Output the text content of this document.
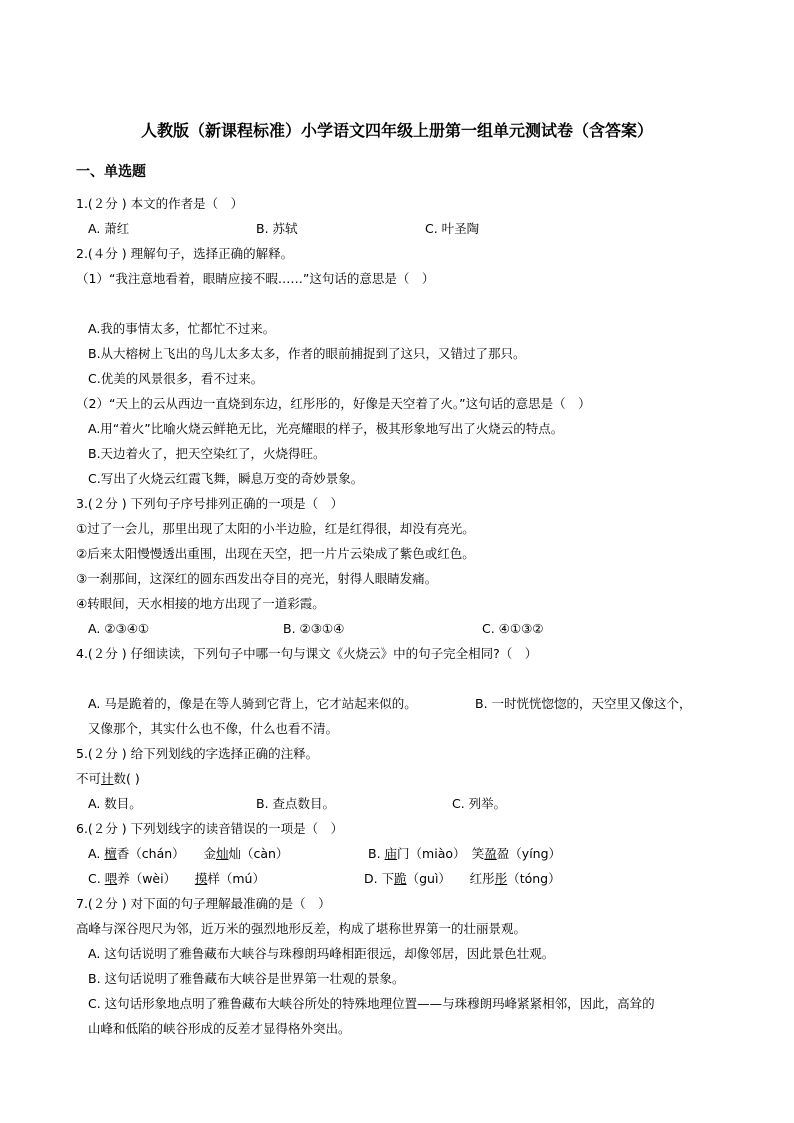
人教版（新课程标准）小学语文四年级上册第一组单元测试卷（含答案）
一、单选题
1.(２分 ) 本文的作者是（　）
A. 萧红	B. 苏轼	C. 叶圣陶
2.(４分 ) 理解句子，选择正确的解释。
（1）“我注意地看着，眼睛应接不暇……”这句话的意思是（　）
A.我的事情太多，忙都忙不过来。
B.从大榕树上飞出的鸟儿太多太多，作者的眼前捕捉到了这只，又错过了那只。
C.优美的风景很多，看不过来。
（2）“天上的云从西边一直烧到东边，红彤彤的，好像是天空着了火。”这句话的意思是（　）
A.用“着火”比喻火烧云鲜艳无比，光亮耀眼的样子，极其形象地写出了火烧云的特点。
B.天边着火了，把天空染红了，火烧得旺。
C.写出了火烧云红霞飞舞，瞬息万变的奇妙景象。
3.(２分 ) 下列句子序号排列正确的一项是（　）
①过了一会儿，那里出现了太阳的小半边脸，红是红得很，却没有亮光。
②后来太阳慢慢透出重围，出现在天空，把一片片云染成了紫色或红色。
③一刹那间，这深红的圆东西发出夺目的亮光，射得人眼睛发痛。
④转眼间，天水相接的地方出现了一道彩霞。
A. ②③④①	B. ②③①④	C. ④①③②
4.(２分 ) 仔细读读，下列句子中哪一句与课文《火烧云》中的句子完全相同?（　）
A. 马是跪着的，像是在等人骑到它背上，它才站起来似的。	B. 一时恍恍惚惚的，天空里又像这个，
又像那个，其实什么也不像，什么也看不清。
5.(２分 ) 给下列划线的字选择正确的注释。
不可计数( )
A. 数目。	B. 查点数目。	C. 列举。
6.(２分 ) 下列划线字的读音错误的一项是（　）
A. 檀香（chán）　　金灿灿（càn）	B. 庙门（miào）　笑盈盈（yíng）
C. 喂养（wèi）　　摸样（mú）	D. 下跪（guì）　　红彤彤（tóng）
7.(２分 ) 对下面的句子理解最准确的是（　）
高峰与深谷咫尺为邻，近万米的强烈地形反差，构成了堪称世界第一的壮丽景观。
A. 这句话说明了雅鲁藏布大峡谷与珠穆朗玛峰相距很远，却像邻居，因此景色壮观。
B. 这句话说明了雅鲁藏布大峡谷是世界第一壮观的景象。
C. 这句话形象地点明了雅鲁藏布大峡谷所处的特殊地理位置——与珠穆朗玛峰紧紧相邻，因此，高耸的
山峰和低陷的峡谷形成的反差才显得格外突出。
